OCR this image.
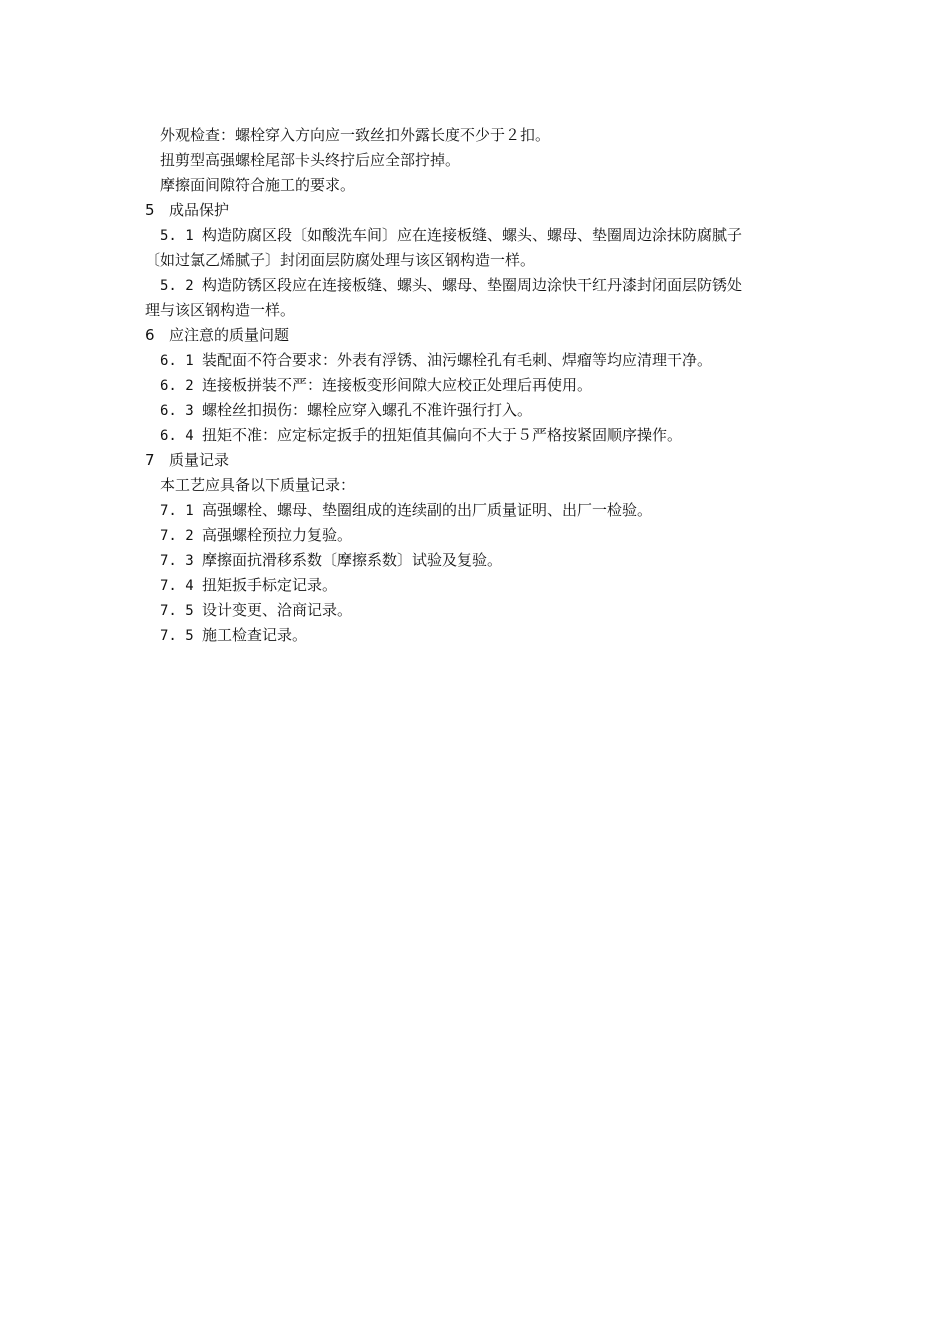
外观检查：螺栓穿入方向应一致丝扣外露长度不少于２扣。
扭剪型高强螺栓尾部卡头终拧后应全部拧掉。
摩擦面间隙符合施工的要求。
5 成品保护
5. 1 构造防腐区段〔如酸洗车间〕应在连接板缝、螺头、螺母、垫圈周边涂抹防腐腻子
〔如过氯乙烯腻子〕封闭面层防腐处理与该区钢构造一样。
5. 2 构造防锈区段应在连接板缝、螺头、螺母、垫圈周边涂快干红丹漆封闭面层防锈处
理与该区钢构造一样。
6 应注意的质量问题
6. 1 装配面不符合要求：外表有浮锈、油污螺栓孔有毛刺、焊瘤等均应清理干净。
6. 2 连接板拼装不严：连接板变形间隙大应校正处理后再使用。
6. 3 螺栓丝扣损伤：螺栓应穿入螺孔不准许强行打入。
6. 4 扭矩不准：应定标定扳手的扭矩值其偏向不大于５严格按紧固顺序操作。
7 质量记录
本工艺应具备以下质量记录：
7. 1 高强螺栓、螺母、垫圈组成的连续副的出厂质量证明、出厂一检验。
7. 2 高强螺栓预拉力复验。
7. 3 摩擦面抗滑移系数〔摩擦系数〕试验及复验。
7. 4 扭矩扳手标定记录。
7. 5 设计变更、洽商记录。
7. 5 施工检查记录。
